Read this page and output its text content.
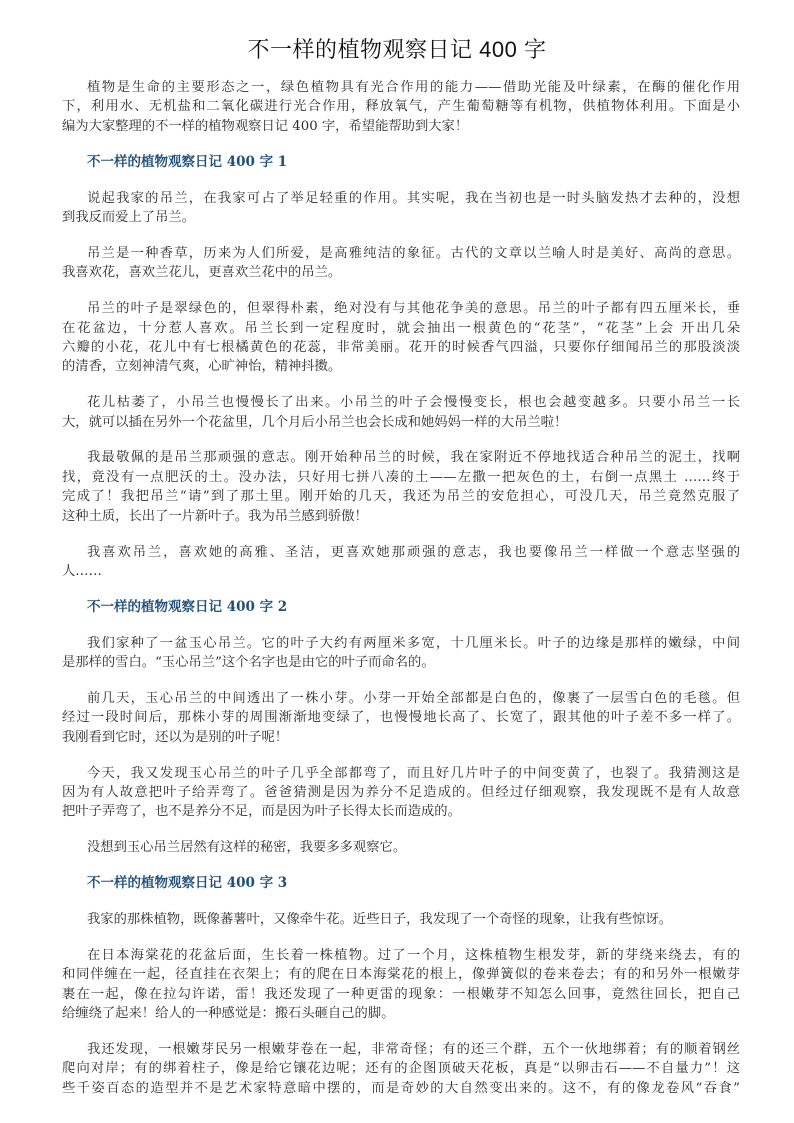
不一样的植物观察日记 400 字
植物是生命的主要形态之一，绿色植物具有光合作用的能力——借助光能及叶绿素，在酶的催化作用
下，利用水、无机盐和二氧化碳进行光合作用，释放氧气，产生葡萄糖等有机物，供植物体利用。下面是小
编为大家整理的不一样的植物观察日记 400 字，希望能帮助到大家！
不一样的植物观察日记 400 字 1
说起我家的吊兰，在我家可占了举足轻重的作用。其实呢，我在当初也是一时头脑发热才去种的，没想
到我反而爱上了吊兰。
吊兰是一种香草，历来为人们所爱，是高雅纯洁的象征。古代的文章以兰喻人时是美好、高尚的意思。
我喜欢花，喜欢兰花儿，更喜欢兰花中的吊兰。
吊兰的叶子是翠绿色的，但翠得朴素，绝对没有与其他花争美的意思。吊兰的叶子都有四五厘米长，垂
在花盆边，十分惹人喜欢。吊兰长到一定程度时，就会抽出一根黄色的“花茎”，“花茎”上会 开出几朵
六瓣的小花，花儿中有七根橘黄色的花蕊，非常美丽。花开的时候香气四溢，只要你仔细闻吊兰的那股淡淡
的清香，立刻神清气爽，心旷神怡，精神抖擞。
花儿枯萎了，小吊兰也慢慢长了出来。小吊兰的叶子会慢慢变长，根也会越变越多。只要小吊兰一长
大，就可以插在另外一个花盆里，几个月后小吊兰也会长成和她妈妈一样的大吊兰啦！
我最敬佩的是吊兰那顽强的意志。刚开始种吊兰的时候，我在家附近不停地找适合种吊兰的泥土，找啊
找，竟没有一点肥沃的土。没办法，只好用七拼八凑的土——左撒一把灰色的土，右倒一点黑土 ……终于
完成了！我把吊兰“请”到了那土里。刚开始的几天，我还为吊兰的安危担心，可没几天，吊兰竟然克服了
这种土质，长出了一片新叶子。我为吊兰感到骄傲！
我喜欢吊兰，喜欢她的高雅、圣洁，更喜欢她那顽强的意志，我也要像吊兰一样做一个意志坚强的
人……
不一样的植物观察日记 400 字 2
我们家种了一盆玉心吊兰。它的叶子大约有两厘米多宽，十几厘米长。叶子的边缘是那样的嫩绿，中间
是那样的雪白。“玉心吊兰”这个名字也是由它的叶子而命名的。
前几天，玉心吊兰的中间透出了一株小芽。小芽一开始全部都是白色的，像裹了一层雪白色的毛毯。但
经过一段时间后，那株小芽的周围渐渐地变绿了，也慢慢地长高了、长宽了，跟其他的叶子差不多一样了。
我刚看到它时，还以为是别的叶子呢！
今天，我又发现玉心吊兰的叶子几乎全部都弯了，而且好几片叶子的中间变黄了，也裂了。我猜测这是
因为有人故意把叶子给弄弯了。爸爸猜测是因为养分不足造成的。但经过仔细观察，我发现既不是有人故意
把叶子弄弯了，也不是养分不足，而是因为叶子长得太长而造成的。
没想到玉心吊兰居然有这样的秘密，我要多多观察它。
不一样的植物观察日记 400 字 3
我家的那株植物，既像蕃薯叶，又像牵牛花。近些日子，我发现了一个奇怪的现象，让我有些惊讶。
在日本海棠花的花盆后面，生长着一株植物。过了一个月，这株植物生根发芽，新的芽绕来绕去，有的
和同伴缠在一起，径直挂在衣架上；有的爬在日本海棠花的根上，像弹簧似的卷来卷去；有的和另外一根嫩芽
裹在一起，像在拉勾许诺，雷！我还发现了一种更雷的现象：一根嫩芽不知怎么回事，竟然往回长，把自己
给缠绕了起来！给人的一种感觉是：搬石头砸自己的脚。
我还发现，一根嫩芽民另一根嫩芽卷在一起，非常奇怪；有的还三个群，五个一伙地绑着；有的顺着钢丝
爬向对岸；有的绑着柱子，像是给它镶花边呢；还有的企图顶破天花板，真是“以卵击石——不自量力”！这
些千姿百态的造型并不是艺术家特意暗中摆的，而是奇妙的大自然变出来的。这不，有的像龙卷风“吞食”
